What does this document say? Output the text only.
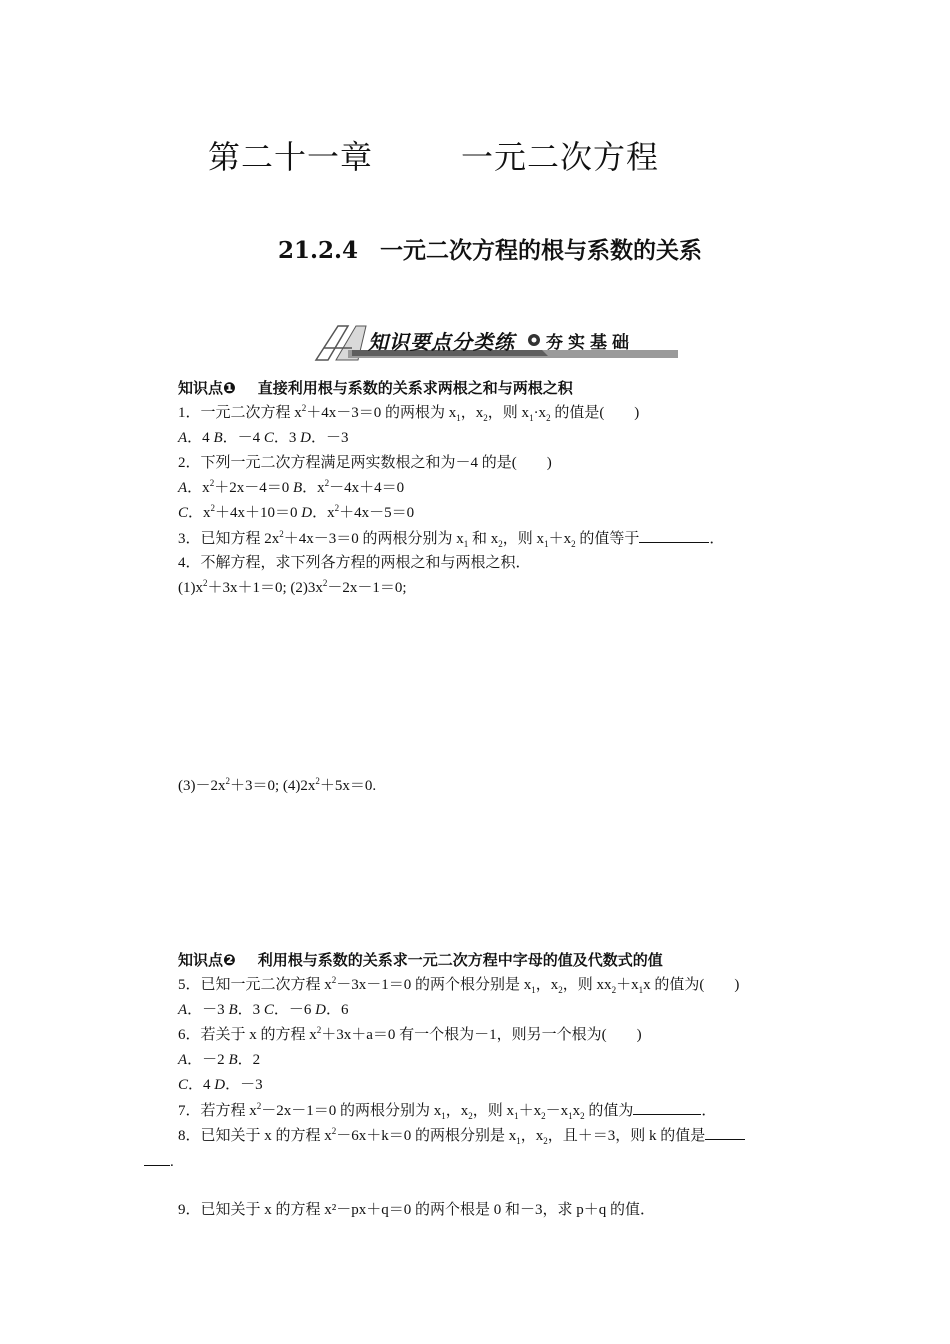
第二十一章	一元二次方程
21.2.4 一元二次方程的根与系数的关系
知识要点分类练 夯实基础
知识点❶ 直接利用根与系数的关系求两根之和与两根之积
1．一元二次方程 $x^2+4x-3=0$ 的两根为 $x_1$，$x_2$，则 $x_1\cdot x_2$ 的值是(　　)
A．4 B．－4 C．3 D．－3
2．下列一元二次方程满足两实数根之和为－4 的是(　　)
A．$x^2+2x-4=0$ B．$x^2-4x+4=0$
C．$x^2+4x+10=0$ D．$x^2+4x-5=0$
3．已知方程 $2x^2+4x-3=0$ 的两根分别为 $x_1$ 和 $x_2$，则 $x_1+x_2$ 的值等于	．
4．不解方程，求下列各方程的两根之和与两根之积．
$(1)x^2+3x+1=0$; $(2)3x^2-2x-1=0$;
$(3)-2x^2+3=0$; $(4)2x^2+5x=0$.
知识点❷ 利用根与系数的关系求一元二次方程中字母的值及代数式的值
5．已知一元二次方程 $x^2-3x-1=0$ 的两个根分别是 $x_1$，$x_2$，则 $xx_2+x_1x$ 的值为(　　)
A．－3 B．3 C．－6 D．6
6．若关于 x 的方程 $x^2+3x+a=0$ 有一个根为－1，则另一个根为(　　)
A．－2 B．2
C．4 D．－3
7．若方程 $x^2-2x-1=0$ 的两根分别为 $x_1$，$x_2$，则 $x_1+x_2-x_1x_2$ 的值为	．
8．已知关于 x 的方程 $x^2-6x+k=0$ 的两根分别是 $x_1$，$x_2$，且＋＝3，则 k 的值是
.
9．已知关于 x 的方程 x²－px＋q＝0 的两个根是 0 和－3，求 p＋q 的值．
